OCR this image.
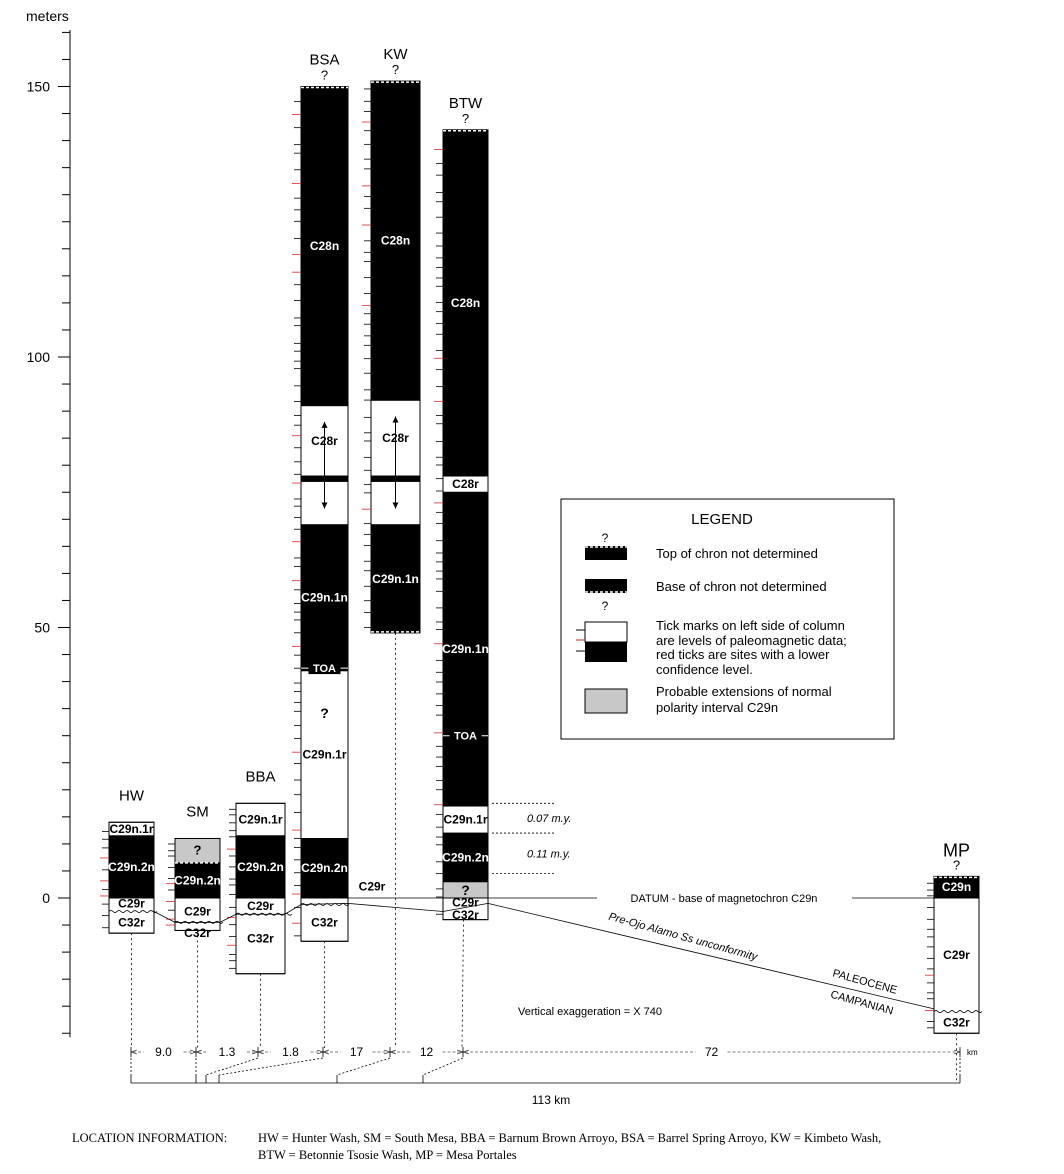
0
50
100
150
meters
C29n.1r
C29n.2n
C29r
C32r
HW
?
C29n.2n
C29r
C32r
SM C29n.1r
C29n.2n
C29r
C32r
BBA
C28n
C28r
C29n.1n
C29n.1r
C29n.2n
C32r
?
BSA
?
TOA
C28n
C28r
C29n.1n
KW
?
C28n
C28r
C29n.1n
C29n.1r
C29n.2n
?
C29r
C32r
BTW
?
TOA
C29n
C29r
C32r
MP
?
DATUM - base of magnetochron C29n
C29r
0.07 m.y.
0.11 m.y.
Pre-Ojo Alamo Ss unconformity
PALEOCENE
CAMPANIAN
Vertical exaggeration = X 740
9.0	1.3	1.8	17	12	72	km
113 km
LEGEND
?
Top of chron not determined
Base of chron not determined
?
Tick marks on left side of column are levels of paleomagnetic data; red ticks are sites with a lower confidence level.
Probable extensions of normal polarity interval C29n
LOCATION INFORMATION: HW = Hunter Wash, SM = South Mesa, BBA = Barnum Brown Arroyo, BSA = Barrel Spring Arroyo, KW = Kimbeto Wash,
BTW = Betonnie Tsosie Wash, MP = Mesa Portales
